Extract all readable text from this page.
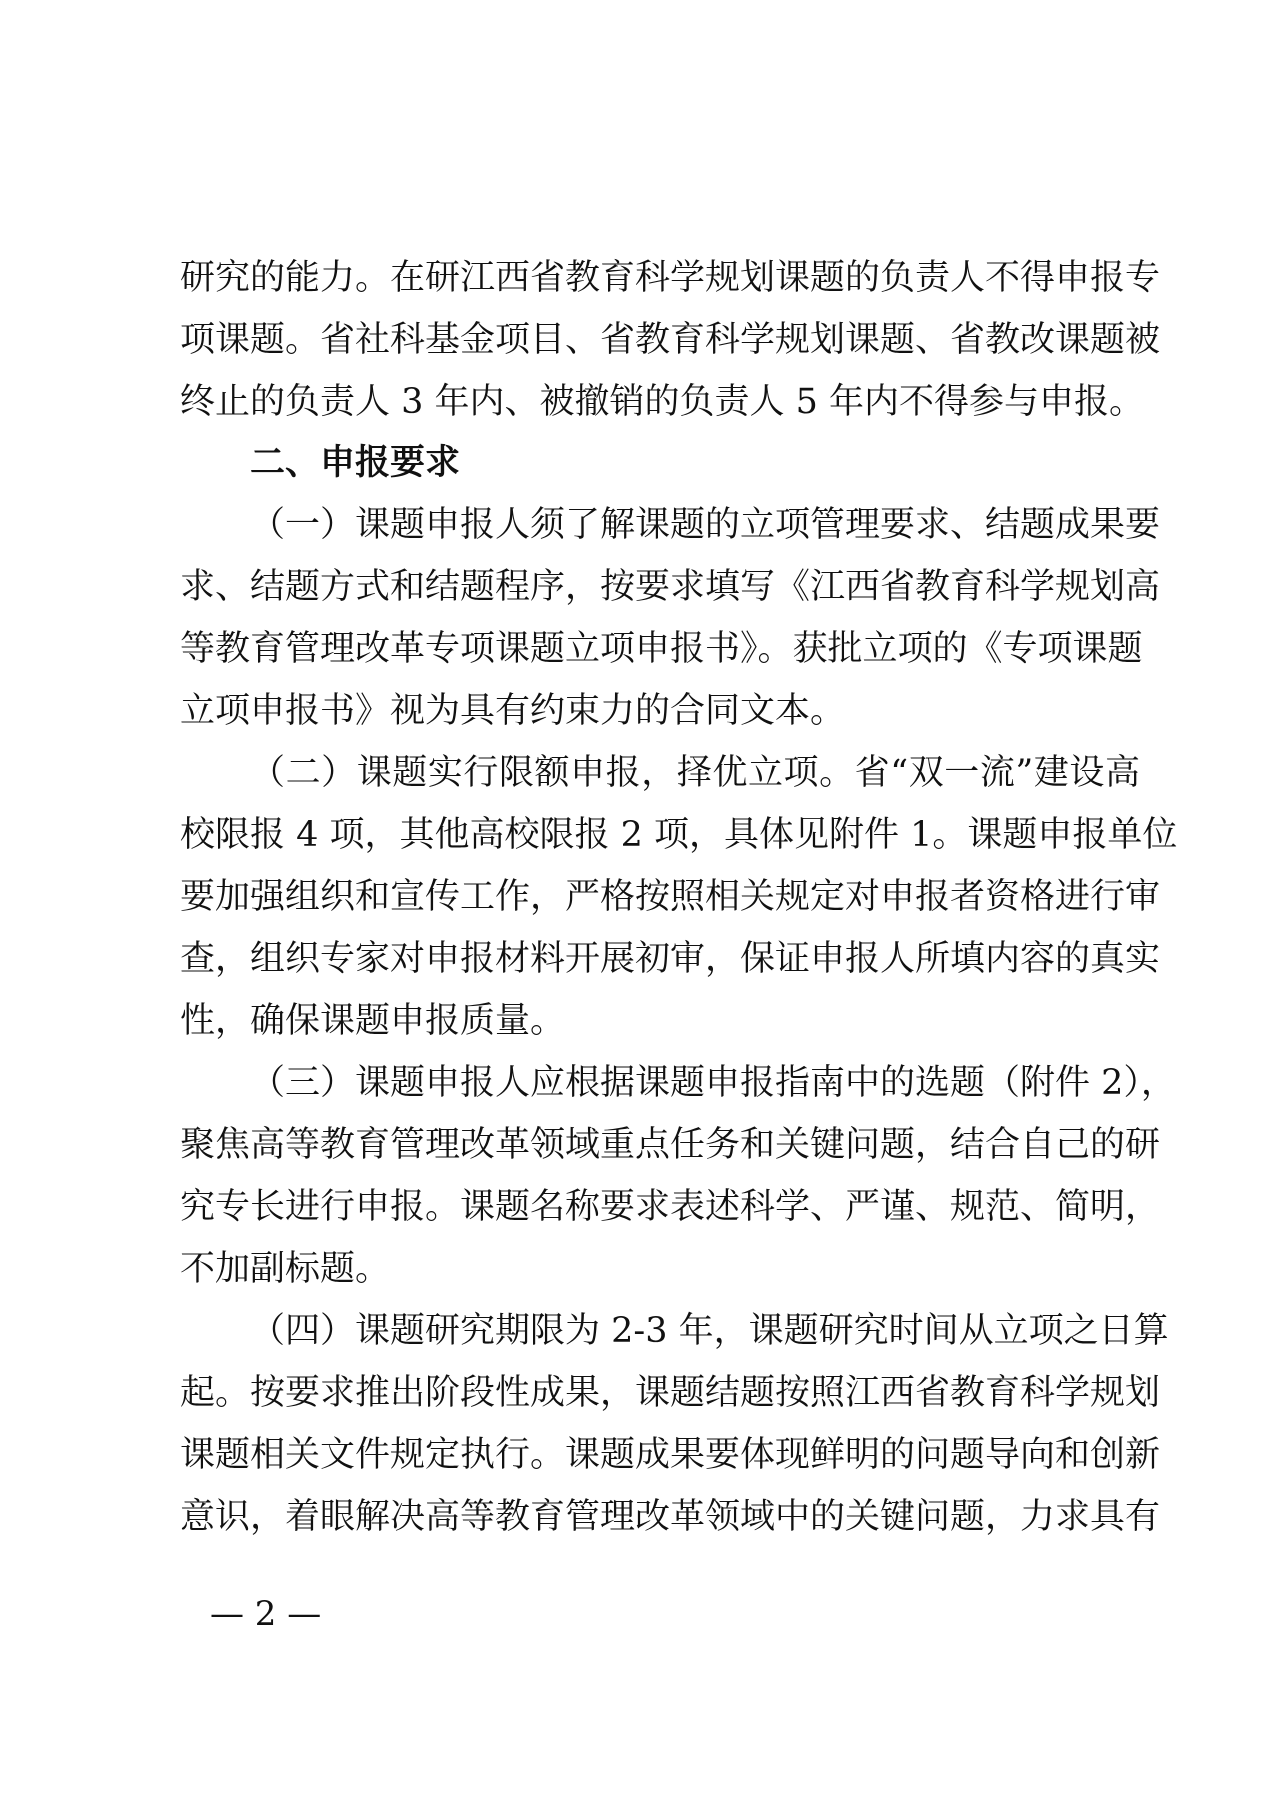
研究的能力。在研江西省教育科学规划课题的负责人不得申报专
项课题。省社科基金项目、省教育科学规划课题、省教改课题被
终止的负责人 3 年内、被撤销的负责人 5 年内不得参与申报。
二、申报要求
（一）课题申报人须了解课题的立项管理要求、结题成果要
求、结题方式和结题程序，按要求填写《江西省教育科学规划高
等教育管理改革专项课题立项申报书》。获批立项的《专项课题
立项申报书》视为具有约束力的合同文本。
（二）课题实行限额申报，择优立项。省“双一流”建设高
校限报 4 项，其他高校限报 2 项，具体见附件 1。课题申报单位
要加强组织和宣传工作，严格按照相关规定对申报者资格进行审
查，组织专家对申报材料开展初审，保证申报人所填内容的真实
性，确保课题申报质量。
（三）课题申报人应根据课题申报指南中的选题（附件 2），
聚焦高等教育管理改革领域重点任务和关键问题，结合自己的研
究专长进行申报。课题名称要求表述科学、严谨、规范、简明，
不加副标题。
（四）课题研究期限为 2-3 年，课题研究时间从立项之日算
起。按要求推出阶段性成果，课题结题按照江西省教育科学规划
课题相关文件规定执行。课题成果要体现鲜明的问题导向和创新
意识，着眼解决高等教育管理改革领域中的关键问题，力求具有
— 2 —
